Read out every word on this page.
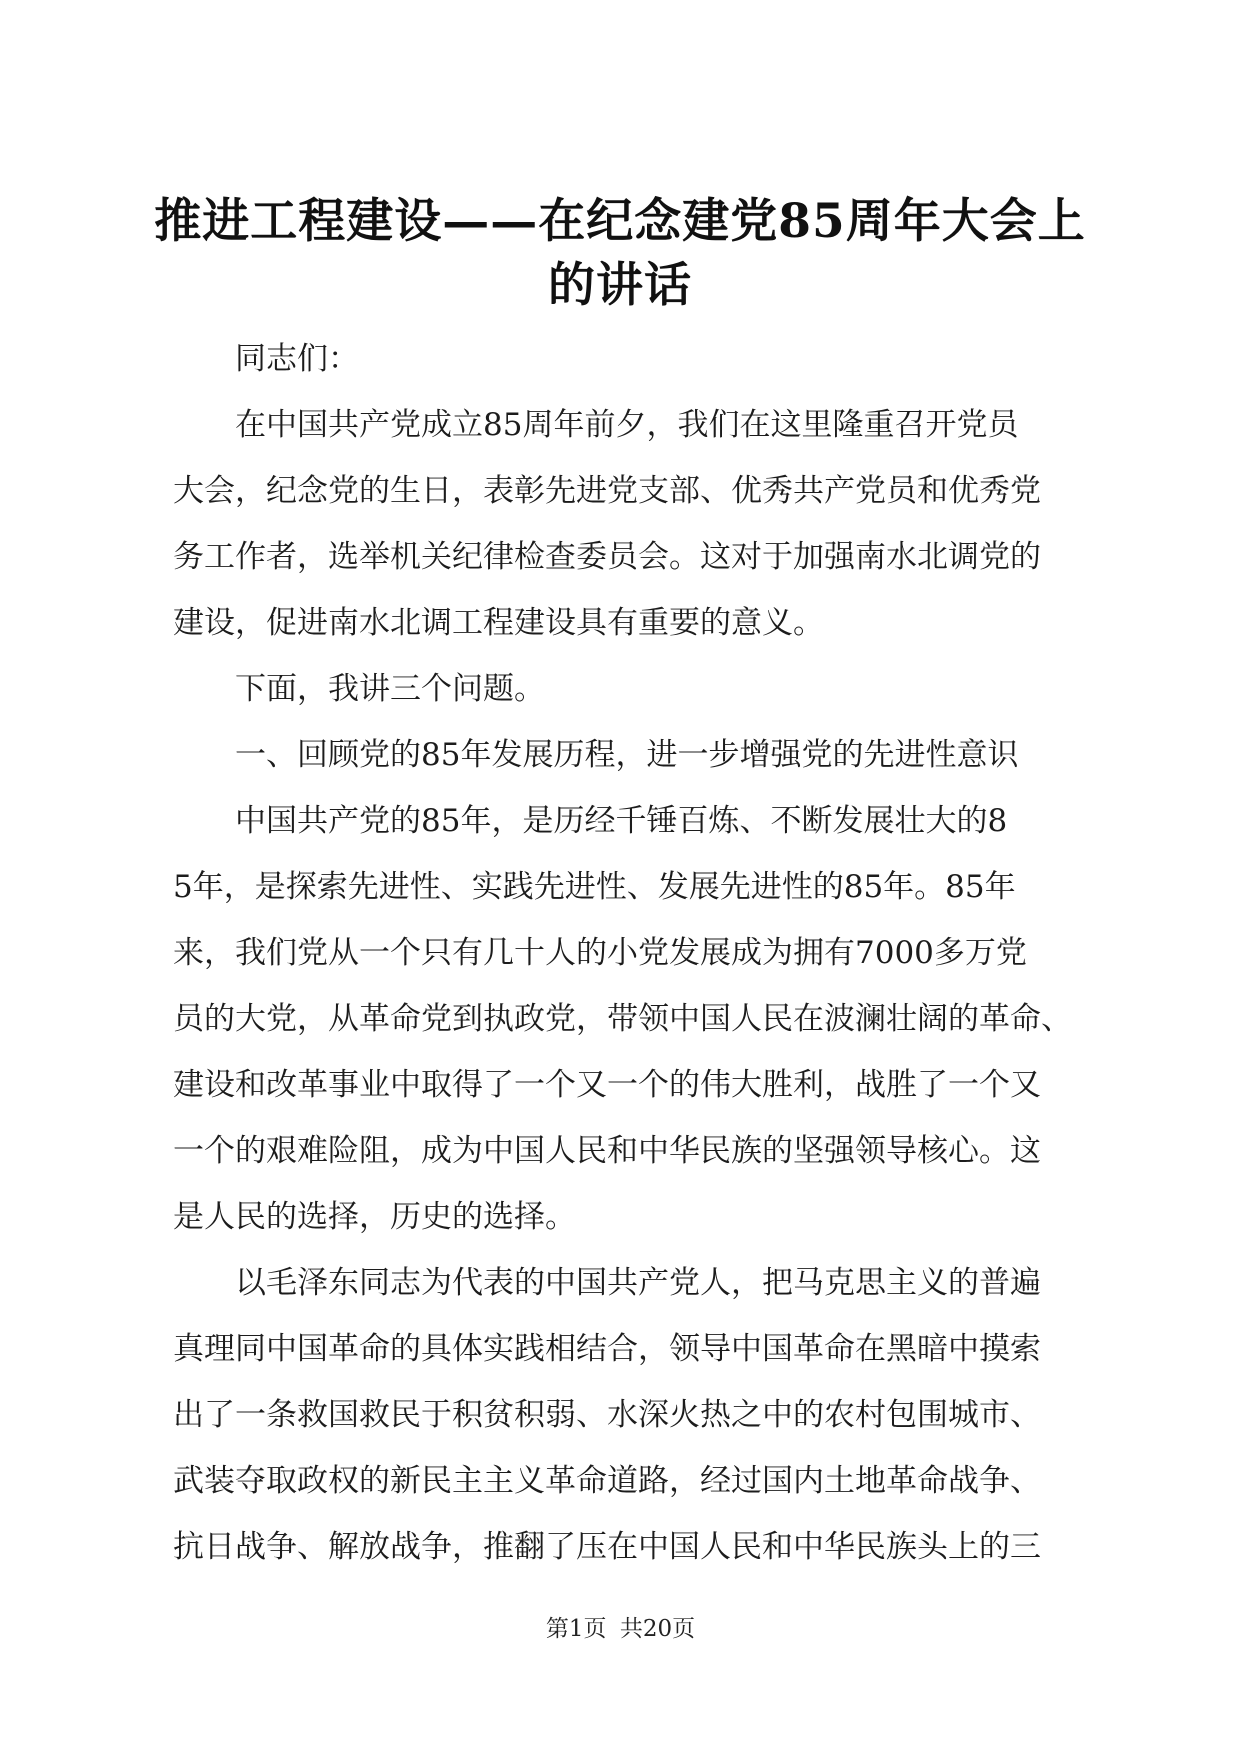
推进工程建设——在纪念建党85周年大会上
的讲话
　　同志们：
　　在中国共产党成立85周年前夕，我们在这里隆重召开党员
大会，纪念党的生日，表彰先进党支部、优秀共产党员和优秀党
务工作者，选举机关纪律检查委员会。这对于加强南水北调党的
建设，促进南水北调工程建设具有重要的意义。
　　下面，我讲三个问题。
　　一、回顾党的85年发展历程，进一步增强党的先进性意识
　　中国共产党的85年，是历经千锤百炼、不断发展壮大的8
5年，是探索先进性、实践先进性、发展先进性的85年。85年
来，我们党从一个只有几十人的小党发展成为拥有7000多万党
员的大党，从革命党到执政党，带领中国人民在波澜壮阔的革命、
建设和改革事业中取得了一个又一个的伟大胜利，战胜了一个又
一个的艰难险阻，成为中国人民和中华民族的坚强领导核心。这
是人民的选择，历史的选择。
　　以毛泽东同志为代表的中国共产党人，把马克思主义的普遍
真理同中国革命的具体实践相结合，领导中国革命在黑暗中摸索
出了一条救国救民于积贫积弱、水深火热之中的农村包围城市、
武装夺取政权的新民主主义革命道路，经过国内土地革命战争、
抗日战争、解放战争，推翻了压在中国人民和中华民族头上的三
第1页 共20页
